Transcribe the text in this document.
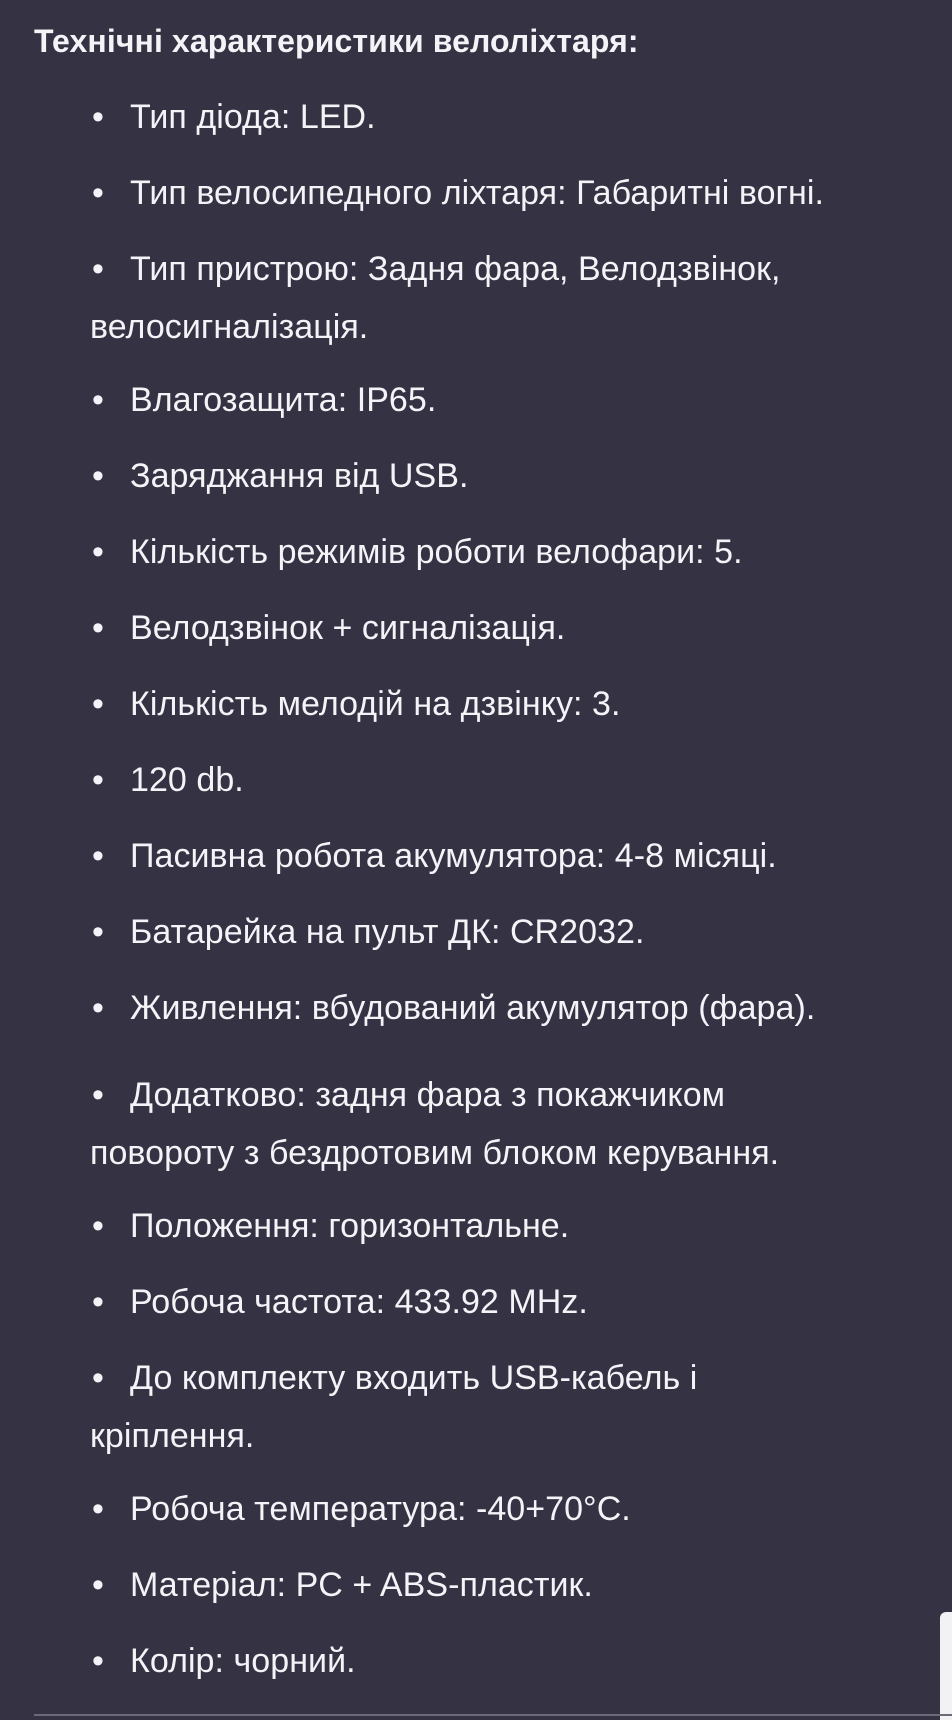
Технічні характеристики велоліхтаря:
• Тип діода: LED.
• Тип велосипедного ліхтаря: Габаритні вогні.
• Тип пристрою: Задня фара, Велодзвінок,
велосигналізація.
• Влагозащита: IP65.
• Заряджання від USB.
• Кількість режимів роботи велофари: 5.
• Велодзвінок + сигналізація.
• Кількість мелодій на дзвінку: 3.
• 120 db.
• Пасивна робота акумулятора: 4-8 місяці.
• Батарейка на пульт ДК: CR2032.
• Живлення: вбудований акумулятор (фара).
• Додатково: задня фара з покажчиком
повороту з бездротовим блоком керування.
• Положення: горизонтальне.
• Робоча частота: 433.92 MHz.
• До комплекту входить USB-кабель і
кріплення.
• Робоча температура: -40+70°C.
• Матеріал: PC + ABS-пластик.
• Колір: чорний.
